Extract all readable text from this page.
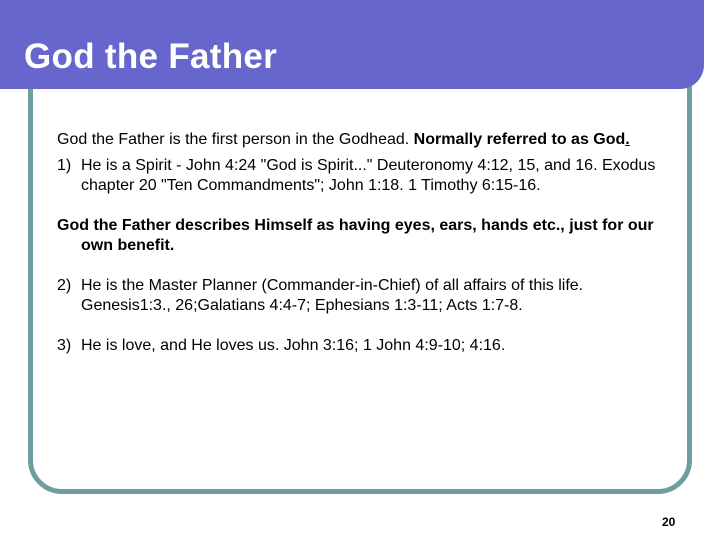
God the Father

God the Father is the first person in the Godhead. Normally referred to as God.

1) He is a Spirit - John 4:24 "God is Spirit..." Deuteronomy 4:12, 15, and 16. Exodus chapter 20 "Ten Commandments"; John 1:18. 1 Timothy 6:15-16.

God the Father describes Himself as having eyes, ears, hands etc., just for our own benefit.

2) He is the Master Planner (Commander-in-Chief) of all affairs of this life. Genesis1:3., 26;Galatians 4:4-7; Ephesians 1:3-11; Acts 1:7-8.

3) He is love, and He loves us. John 3:16; 1 John 4:9-10; 4:16.

20
